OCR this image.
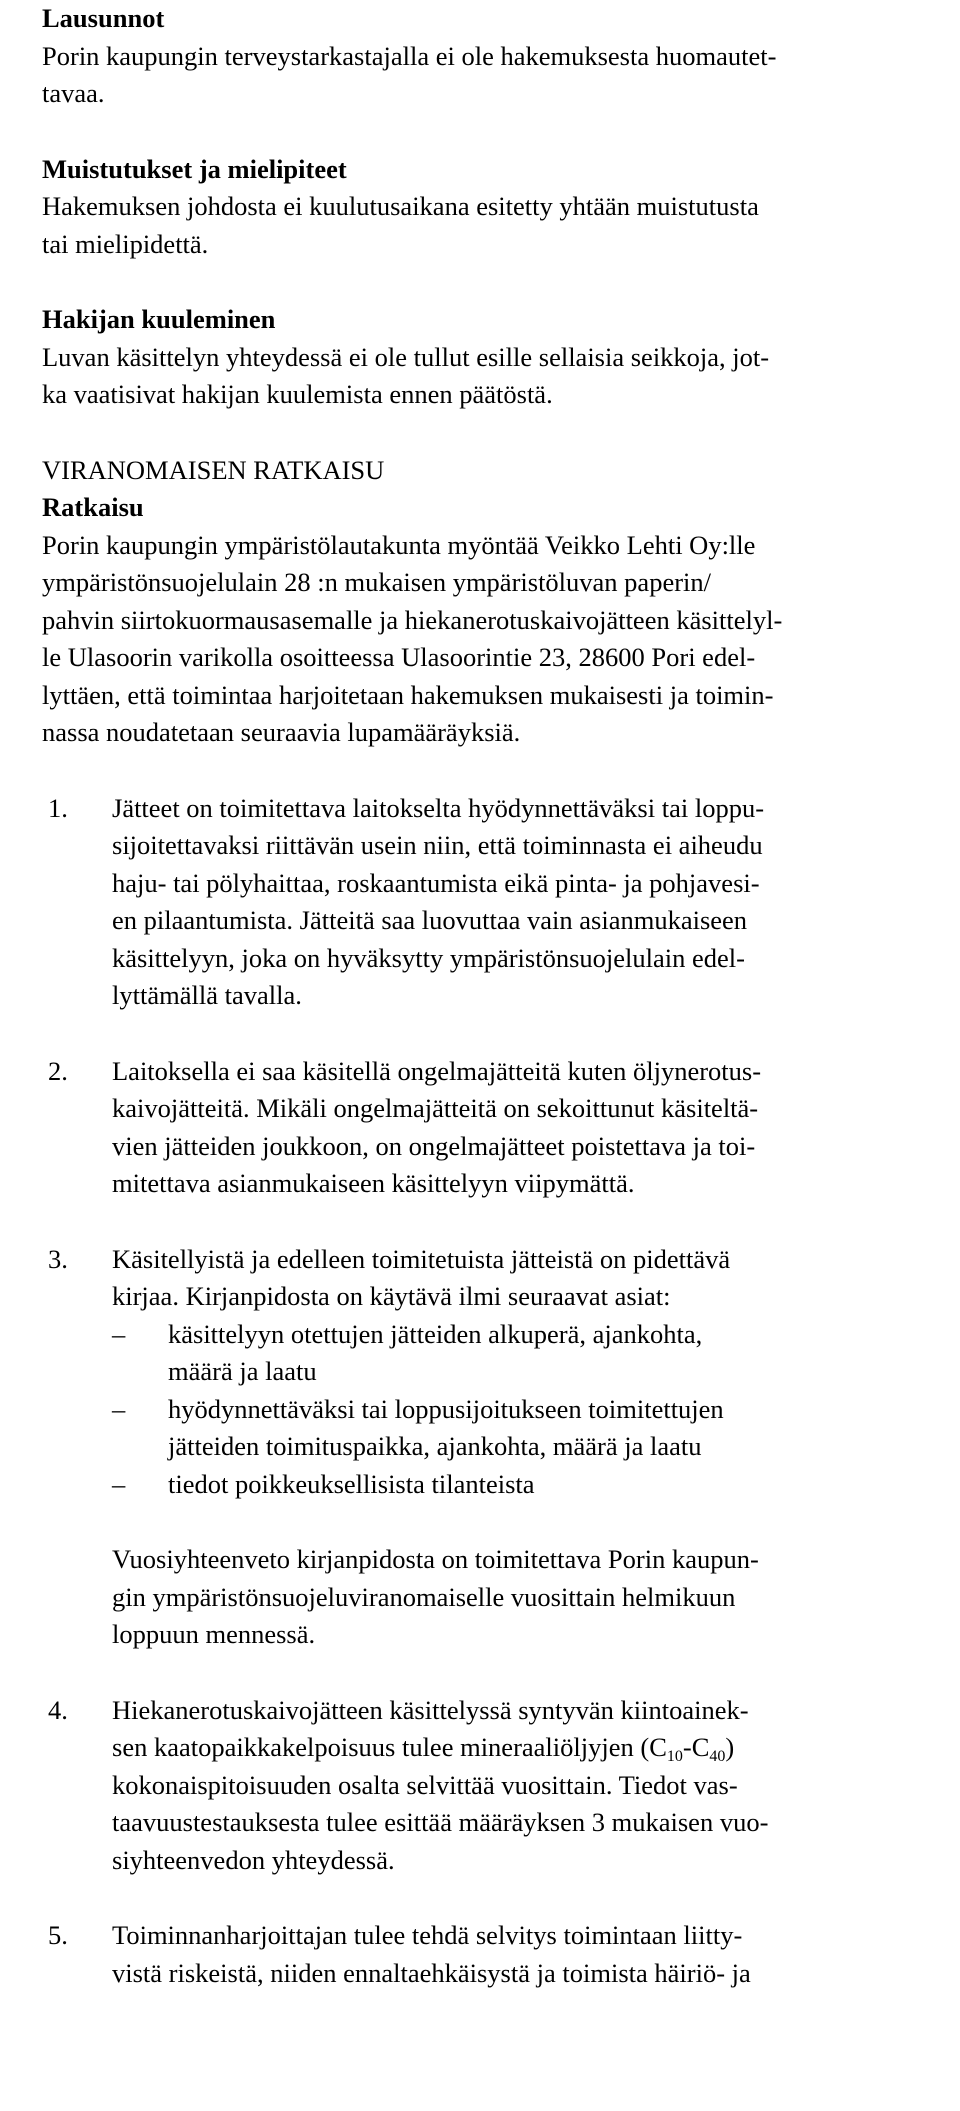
Lausunnot
Porin kaupungin terveystarkastajalla ei ole hakemuksesta huomautet-
tavaa.
Muistutukset ja mielipiteet
Hakemuksen johdosta ei kuulutusaikana esitetty yhtään muistutusta
tai mielipidettä.
Hakijan kuuleminen
Luvan käsittelyn yhteydessä ei ole tullut esille sellaisia seikkoja, jot-
ka vaatisivat hakijan kuulemista ennen päätöstä.
VIRANOMAISEN RATKAISU
Ratkaisu
Porin kaupungin ympäristölautakunta myöntää Veikko Lehti Oy:lle
ympäristönsuojelulain 28 :n mukaisen ympäristöluvan paperin/
pahvin siirtokuormausasemalle ja hiekanerotuskaivojätteen käsittelyl-
le Ulasoorin varikolla osoitteessa Ulasoorintie 23, 28600 Pori edel-
lyttäen, että toimintaa harjoitetaan hakemuksen mukaisesti ja toimin-
nassa noudatetaan seuraavia lupamääräyksiä.
1. Jätteet on toimitettava laitokselta hyödynnettäväksi tai loppu-
sijoitettavaksi riittävän usein niin, että toiminnasta ei aiheudu
haju- tai pölyhaittaa, roskaantumista eikä pinta- ja pohjavesi-
en pilaantumista. Jätteitä saa luovuttaa vain asianmukaiseen
käsittelyyn, joka on hyväksytty ympäristönsuojelulain edel-
lyttämällä tavalla.
2. Laitoksella ei saa käsitellä ongelmajätteitä kuten öljynerotus-
kaivojätteitä. Mikäli ongelmajätteitä on sekoittunut käsiteltä-
vien jätteiden joukkoon, on ongelmajätteet poistettava ja toi-
mitettava asianmukaiseen käsittelyyn viipymättä.
3. Käsitellyistä ja edelleen toimitetuista jätteistä on pidettävä
kirjaa. Kirjanpidosta on käytävä ilmi seuraavat asiat:
– käsittelyyn otettujen jätteiden alkuperä, ajankohta,
määrä ja laatu
– hyödynnettäväksi tai loppusijoitukseen toimitettujen
jätteiden toimituspaikka, ajankohta, määrä ja laatu
– tiedot poikkeuksellisista tilanteista
Vuosiyhteenveto kirjanpidosta on toimitettava Porin kaupun-
gin ympäristönsuojeluviranomaiselle vuosittain helmikuun
loppuun mennessä.
4. Hiekanerotuskaivojätteen käsittelyssä syntyvän kiintoainek-
sen kaatopaikkakelpoisuus tulee mineraaliöljyjen $(C_{10}-C_{40})$
kokonaispitoisuuden osalta selvittää vuosittain. Tiedot vas-
taavuustestauksesta tulee esittää määräyksen 3 mukaisen vuo-
siyhteenvedon yhteydessä.
5. Toiminnanharjoittajan tulee tehdä selvitys toimintaan liitty-
vistä riskeistä, niiden ennaltaehkäisystä ja toimista häiriö- ja
